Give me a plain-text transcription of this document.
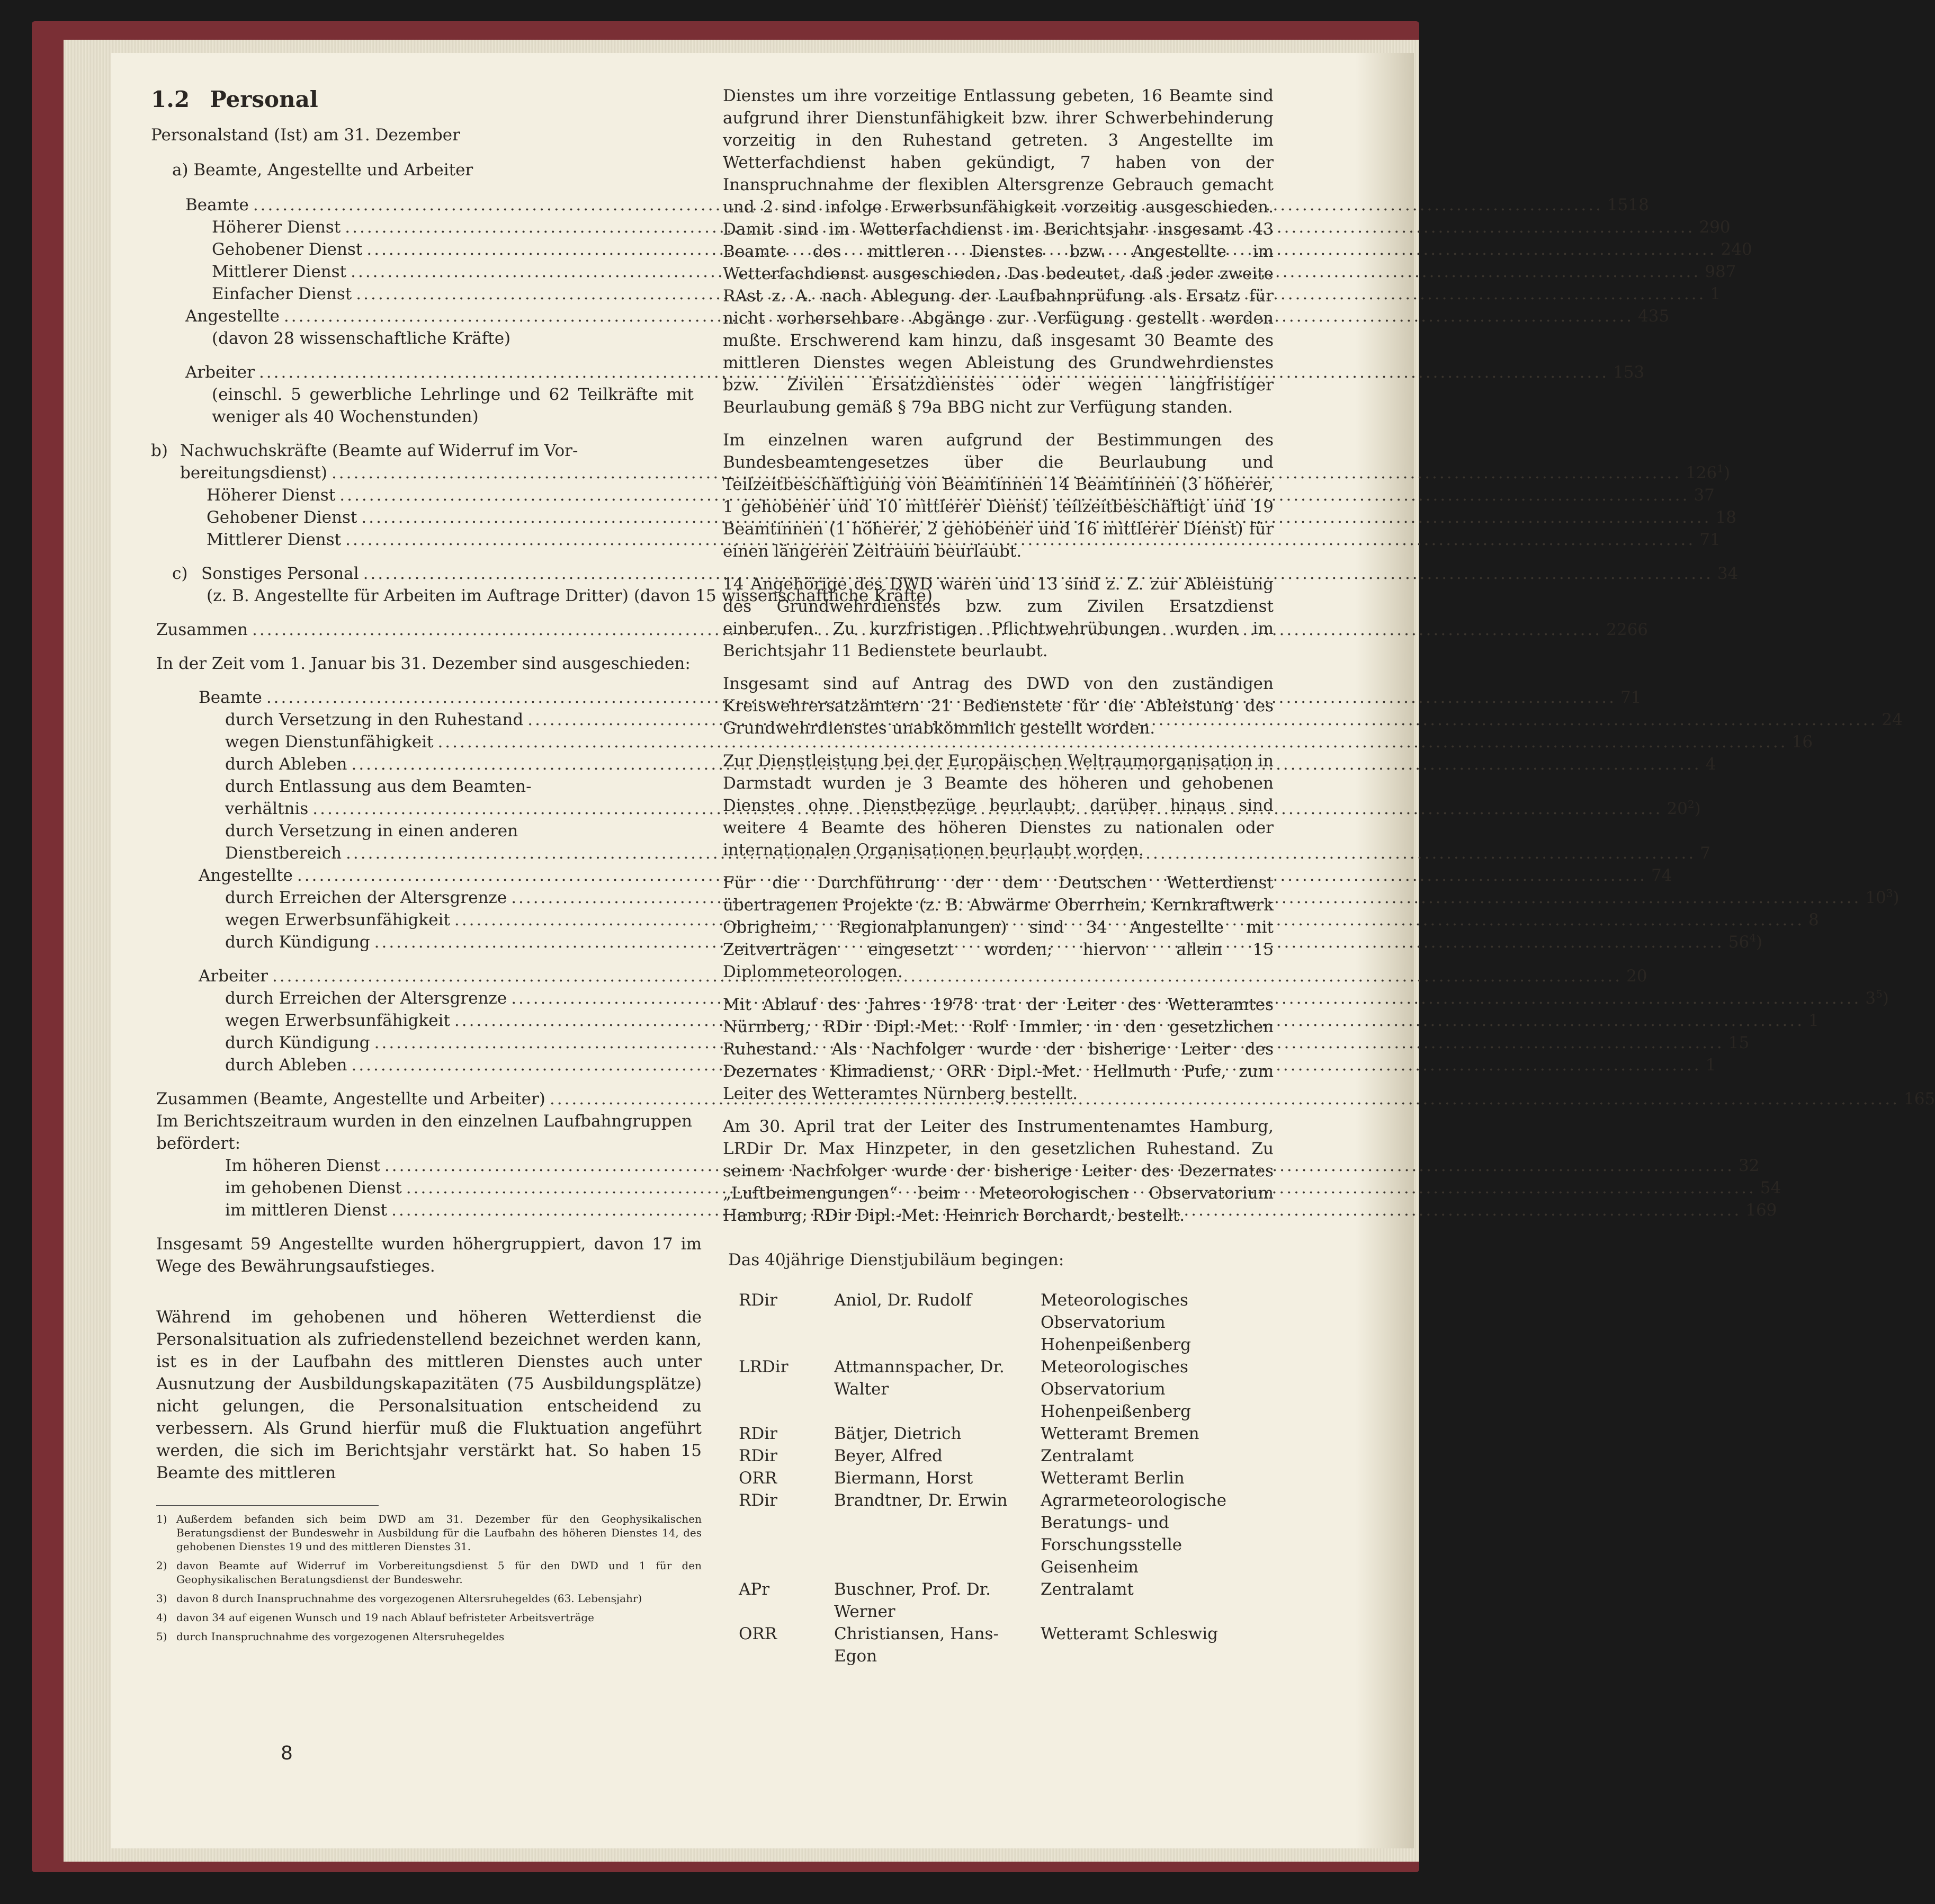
1.2 Personal
Personalstand (Ist) am 31. Dezember
a) Beamte, Angestellte und Arbeiter
Beamte .....	1518
Höherer Dienst .....	290
Gehobener Dienst .....	240
Mittlerer Dienst .....	987
Einfacher Dienst .....	1
Angestellte .....	435
(davon 28 wissenschaftliche Kräfte)
Arbeiter .....	153
(einschl. 5 gewerbliche Lehrlinge und 62 Teilkräfte mit weniger als 40 Wochenstunden)
b) Nachwuchskräfte (Beamte auf Widerruf im Vor-
bereitungsdienst) .....	$126^1$)
Höherer Dienst .....	37
Gehobener Dienst .....	18
Mittlerer Dienst .....	71
c) Sonstiges Personal .....	34
(z. B. Angestellte für Arbeiten im Auftrage Dritter) (davon 15 wissenschaftliche Kräfte)
Zusammen .....	2266
In der Zeit vom 1. Januar bis 31. Dezember sind ausgeschieden:
Beamte .....	71
durch Versetzung in den Ruhestand .....	24
wegen Dienstunfähigkeit .....	16
durch Ableben .....	4
durch Entlassung aus dem Beamten-
verhältnis .....	$20^2$)
durch Versetzung in einen anderen
Dienstbereich .....	7
Angestellte .....	74
durch Erreichen der Altersgrenze .....	$10^3$)
wegen Erwerbsunfähigkeit .....	8
durch Kündigung .....	$56^4$)
Arbeiter .....	20
durch Erreichen der Altersgrenze .....	$3^5$)
wegen Erwerbsunfähigkeit .....	1
durch Kündigung .....	15
durch Ableben .....	1
Zusammen (Beamte, Angestellte und Arbeiter) .....	165
Im Berichtszeitraum wurden in den einzelnen Laufbahngruppen befördert:
Im höheren Dienst .....	32
im gehobenen Dienst .....	54
im mittleren Dienst .....	169

Insgesamt 59 Angestellte wurden höhergruppiert, davon 17 im Wege des Bewährungsaufstieges.

Während im gehobenen und höheren Wetterdienst die Personalsituation als zufriedenstellend bezeichnet werden kann, ist es in der Laufbahn des mittleren Dienstes auch unter Ausnutzung der Ausbildungskapazitäten (75 Ausbildungsplätze) nicht gelungen, die Personalsituation entscheidend zu verbessern. Als Grund hierfür muß die Fluktuation angeführt werden, die sich im Berichtsjahr verstärkt hat. So haben 15 Beamte des mittleren

1) Außerdem befanden sich beim DWD am 31. Dezember für den Geophysikalischen Beratungsdienst der Bundeswehr in Ausbildung für die Laufbahn des höheren Dienstes 14, des gehobenen Dienstes 19 und des mittleren Dienstes 31.
2) davon Beamte auf Widerruf im Vorbereitungsdienst 5 für den DWD und 1 für den Geophysikalischen Beratungsdienst der Bundeswehr.
3) davon 8 durch Inanspruchnahme des vorgezogenen Altersruhegeldes (63. Lebensjahr)
4) davon 34 auf eigenen Wunsch und 19 nach Ablauf befristeter Arbeitsverträge
5) durch Inanspruchnahme des vorgezogenen Altersruhegeldes
8

Dienstes um ihre vorzeitige Entlassung gebeten, 16 Beamte sind aufgrund ihrer Dienstunfähigkeit bzw. ihrer Schwerbehinderung vorzeitig in den Ruhestand getreten. 3 Angestellte im Wetterfachdienst haben gekündigt, 7 haben von der Inanspruchnahme der flexiblen Altersgrenze Gebrauch gemacht und 2 sind infolge Erwerbsunfähigkeit vorzeitig ausgeschieden. Damit sind im Wetterfachdienst im Berichtsjahr insgesamt 43 Beamte des mittleren Dienstes bzw. Angestellte im Wetterfachdienst ausgeschieden. Das bedeutet, daß jeder zweite RAst z. A. nach Ablegung der Laufbahnprüfung als Ersatz für nicht vorhersehbare Abgänge zur Verfügung gestellt werden mußte. Erschwerend kam hinzu, daß insgesamt 30 Beamte des mittleren Dienstes wegen Ableistung des Grundwehrdienstes bzw. Zivilen Ersatzdienstes oder wegen langfristiger Beurlaubung gemäß § 79a BBG nicht zur Verfügung standen.

Im einzelnen waren aufgrund der Bestimmungen des Bundesbeamtengesetzes über die Beurlaubung und Teilzeitbeschäftigung von Beamtinnen 14 Beamtinnen (3 höherer, 1 gehobener und 10 mittlerer Dienst) teilzeitbeschäftigt und 19 Beamtinnen (1 höherer, 2 gehobener und 16 mittlerer Dienst) für einen längeren Zeitraum beurlaubt.

14 Angehörige des DWD waren und 13 sind z. Z. zur Ableistung des Grundwehrdienstes bzw. zum Zivilen Ersatzdienst einberufen. Zu kurzfristigen Pflichtwehrübungen wurden im Berichtsjahr 11 Bedienstete beurlaubt.

Insgesamt sind auf Antrag des DWD von den zuständigen Kreiswehrersatzämtern 21 Bedienstete für die Ableistung des Grundwehrdienstes unabkömmlich gestellt worden.

Zur Dienstleistung bei der Europäischen Weltraumorganisation in Darmstadt wurden je 3 Beamte des höheren und gehobenen Dienstes ohne Dienstbezüge beurlaubt; darüber hinaus sind weitere 4 Beamte des höheren Dienstes zu nationalen oder internationalen Organisationen beurlaubt worden.

Für die Durchführung der dem Deutschen Wetterdienst übertragenen Projekte (z. B. Abwärme Oberrhein, Kernkraftwerk Obrigheim, Regionalplanungen) sind 34 Angestellte mit Zeitverträgen eingesetzt worden; hiervon allein 15 Diplommeteorologen.

Mit Ablauf des Jahres 1978 trat der Leiter des Wetteramtes Nürnberg, RDir Dipl.-Met. Rolf Immler, in den gesetzlichen Ruhestand. Als Nachfolger wurde der bisherige Leiter des Dezernates Klimadienst, ORR Dipl.-Met. Hellmuth Pufe, zum Leiter des Wetteramtes Nürnberg bestellt.

Am 30. April trat der Leiter des Instrumentenamtes Hamburg, LRDir Dr. Max Hinzpeter, in den gesetzlichen Ruhestand. Zu seinem Nachfolger wurde der bisherige Leiter des Dezernates „Luftbeimengungen“ beim Meteorologischen Observatorium Hamburg, RDir Dipl.-Met. Heinrich Borchardt, bestellt.

Das 40jährige Dienstjubiläum begingen:
RDir	Aniol, Dr. Rudolf	Meteorologisches Observatorium Hohenpeißenberg
LRDir	Attmannspacher, Dr. Walter	Meteorologisches Observatorium Hohenpeißenberg
RDir	Bätjer, Dietrich	Wetteramt Bremen
RDir	Beyer, Alfred	Zentralamt
ORR	Biermann, Horst	Wetteramt Berlin
RDir	Brandtner, Dr. Erwin	Agrarmeteorologische Beratungs- und Forschungsstelle Geisenheim
APr	Buschner, Prof. Dr. Werner	Zentralamt
ORR	Christiansen, Hans-Egon	Wetteramt Schleswig
